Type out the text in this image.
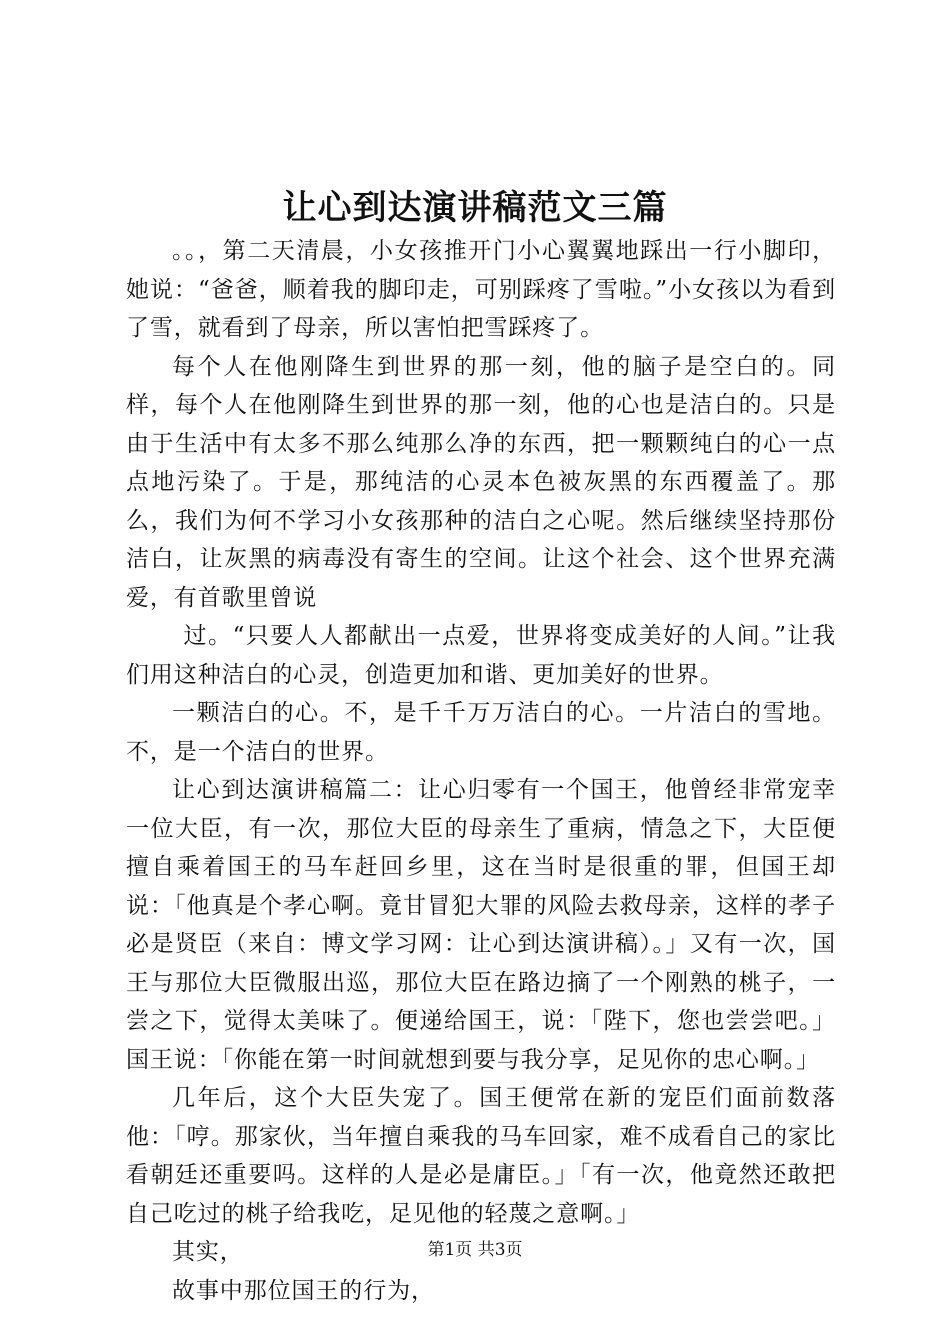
让心到达演讲稿范文三篇

。。，第二天清晨，小女孩推开门小心翼翼地踩出一行小脚印，她说：“爸爸，顺着我的脚印走，可别踩疼了雪啦。”小女孩以为看到了雪，就看到了母亲，所以害怕把雪踩疼了。

每个人在他刚降生到世界的那一刻，他的脑子是空白的。同样，每个人在他刚降生到世界的那一刻，他的心也是洁白的。只是由于生活中有太多不那么纯那么净的东西，把一颗颗纯白的心一点点地污染了。于是，那纯洁的心灵本色被灰黑的东西覆盖了。那么，我们为何不学习小女孩那种的洁白之心呢。然后继续坚持那份洁白，让灰黑的病毒没有寄生的空间。让这个社会、这个世界充满爱，有首歌里曾说

过。“只要人人都献出一点爱，世界将变成美好的人间。”让我们用这种洁白的心灵，创造更加和谐、更加美好的世界。

一颗洁白的心。不，是千千万万洁白的心。一片洁白的雪地。不，是一个洁白的世界。

让心到达演讲稿篇二：让心归零有一个国王，他曾经非常宠幸一位大臣，有一次，那位大臣的母亲生了重病，情急之下，大臣便擅自乘着国王的马车赶回乡里，这在当时是很重的罪，但国王却说：「他真是个孝心啊。竟甘冒犯大罪的风险去救母亲，这样的孝子必是贤臣（来自：博文学习网：让心到达演讲稿）。」又有一次，国王与那位大臣微服出巡，那位大臣在路边摘了一个刚熟的桃子，一尝之下，觉得太美味了。便递给国王，说：「陛下，您也尝尝吧。」国王说：「你能在第一时间就想到要与我分享，足见你的忠心啊。」

几年后，这个大臣失宠了。国王便常在新的宠臣们面前数落他：「哼。那家伙，当年擅自乘我的马车回家，难不成看自己的家比看朝廷还重要吗。这样的人是必是庸臣。」「有一次，他竟然还敢把自己吃过的桃子给我吃，足见他的轻蔑之意啊。」

其实，

故事中那位国王的行为，

第1页 共3页
